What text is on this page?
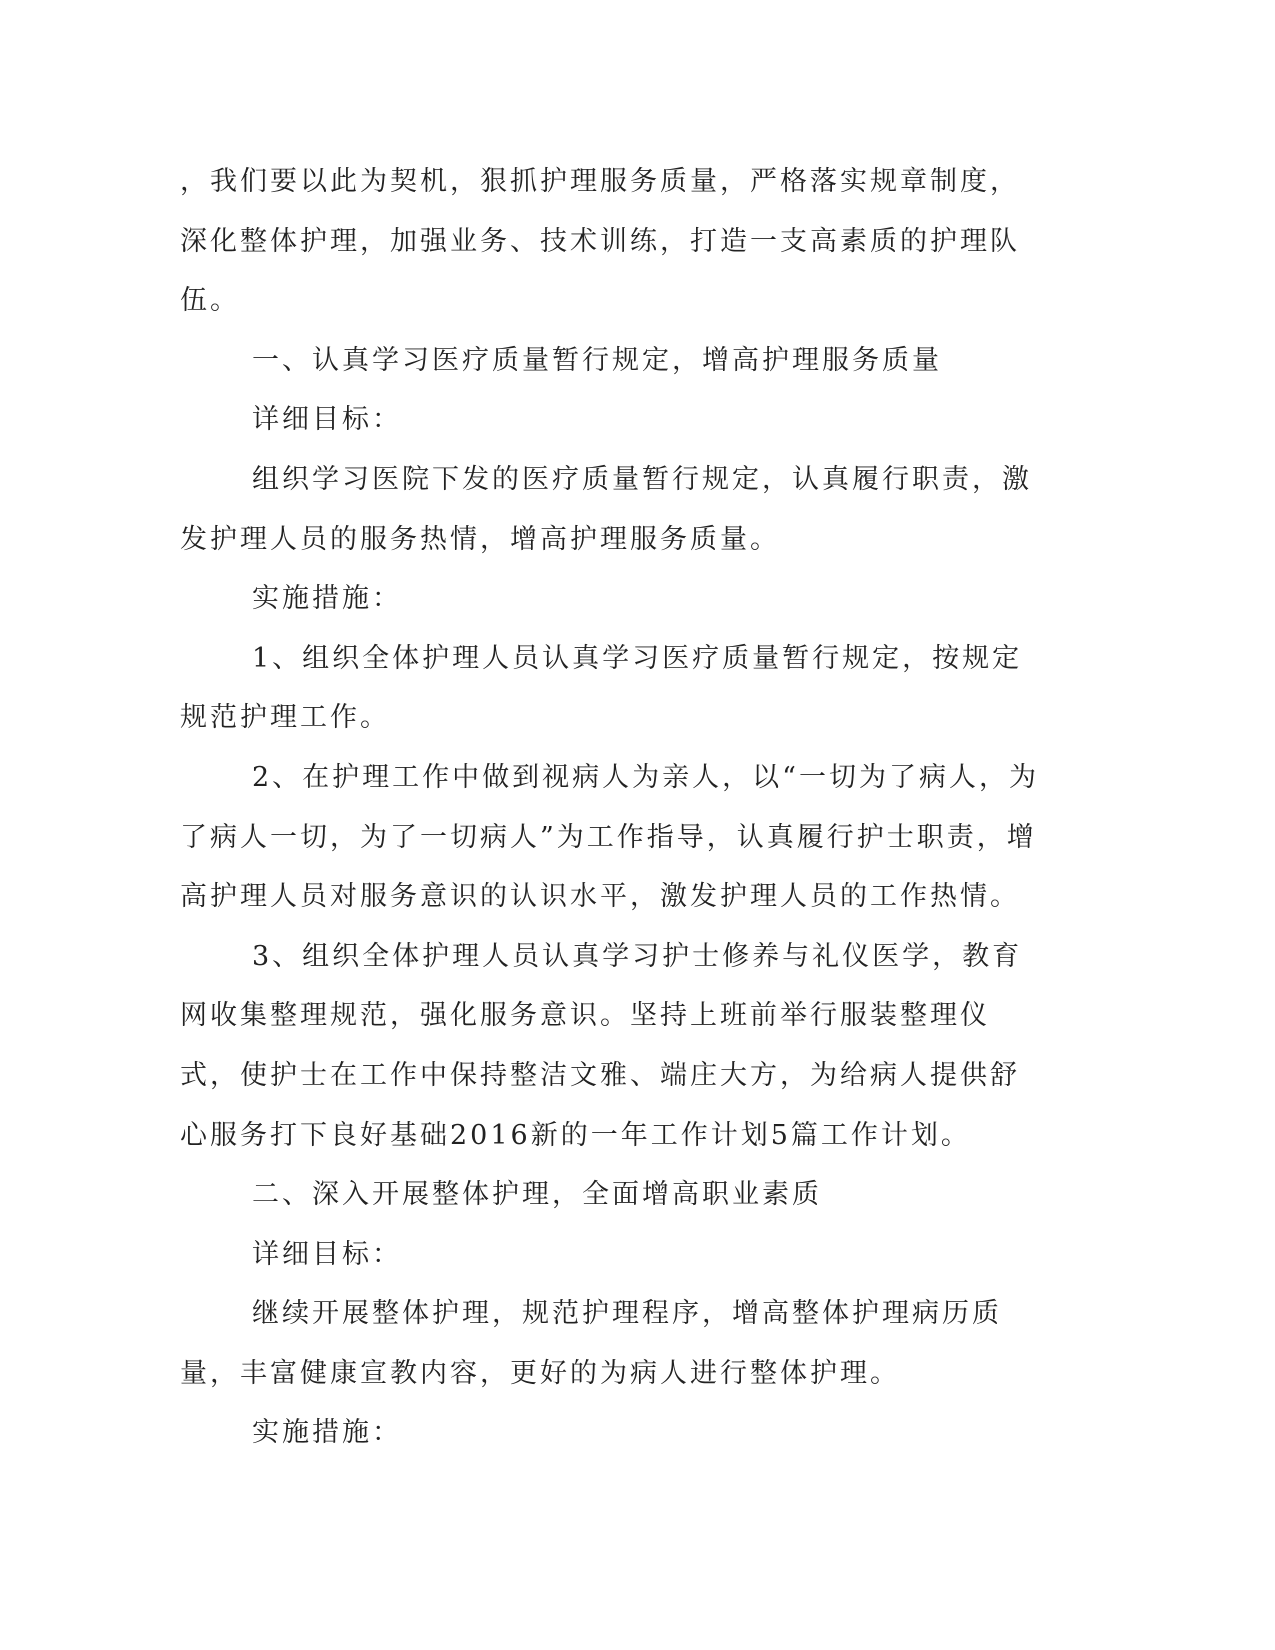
，我们要以此为契机，狠抓护理服务质量，严格落实规章制度，深化整体护理，加强业务、技术训练，打造一支高素质的护理队伍。

一、认真学习医疗质量暂行规定，增高护理服务质量

详细目标：

组织学习医院下发的医疗质量暂行规定，认真履行职责，激发护理人员的服务热情，增高护理服务质量。

实施措施：

1、组织全体护理人员认真学习医疗质量暂行规定，按规定规范护理工作。

2、在护理工作中做到视病人为亲人，以“一切为了病人，为了病人一切，为了一切病人”为工作指导，认真履行护士职责，增高护理人员对服务意识的认识水平，激发护理人员的工作热情。

3、组织全体护理人员认真学习护士修养与礼仪医学，教育网收集整理规范，强化服务意识。坚持上班前举行服装整理仪式，使护士在工作中保持整洁文雅、端庄大方，为给病人提供舒心服务打下良好基础2016新的一年工作计划5篇工作计划。

二、深入开展整体护理，全面增高职业素质

详细目标：

继续开展整体护理，规范护理程序，增高整体护理病历质量，丰富健康宣教内容，更好的为病人进行整体护理。

实施措施：
